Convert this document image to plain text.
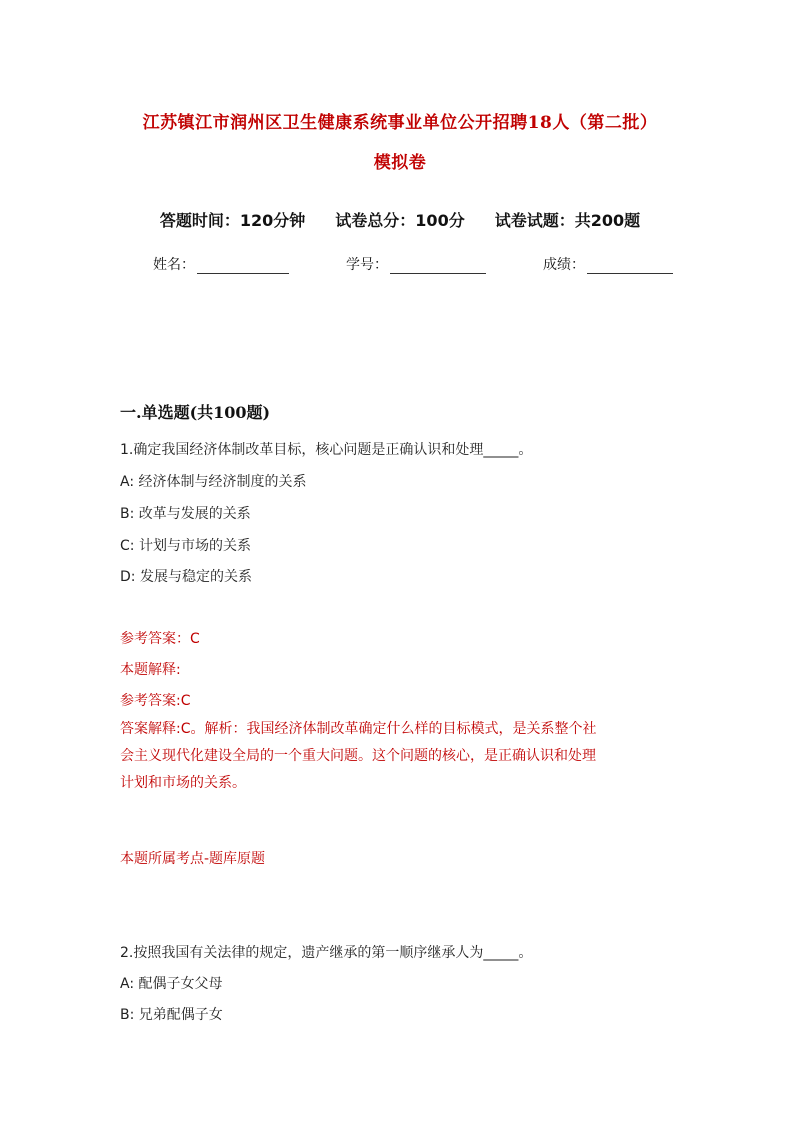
江苏镇江市润州区卫生健康系统事业单位公开招聘18人（第二批）
模拟卷
答题时间：120分钟 试卷总分：100分 试卷试题：共200题
姓名：	学号：	成绩：
一.单选题(共100题)
1.确定我国经济体制改革目标，核心问题是正确认识和处理_____。
A: 经济体制与经济制度的关系
B: 改革与发展的关系
C: 计划与市场的关系
D: 发展与稳定的关系
参考答案：C
本题解释:
参考答案:C
答案解释:C。解析：我国经济体制改革确定什么样的目标模式，是关系整个社
会主义现代化建设全局的一个重大问题。这个问题的核心，是正确认识和处理
计划和市场的关系。
本题所属考点-题库原题
2.按照我国有关法律的规定，遗产继承的第一顺序继承人为_____。
A: 配偶子女父母
B: 兄弟配偶子女
